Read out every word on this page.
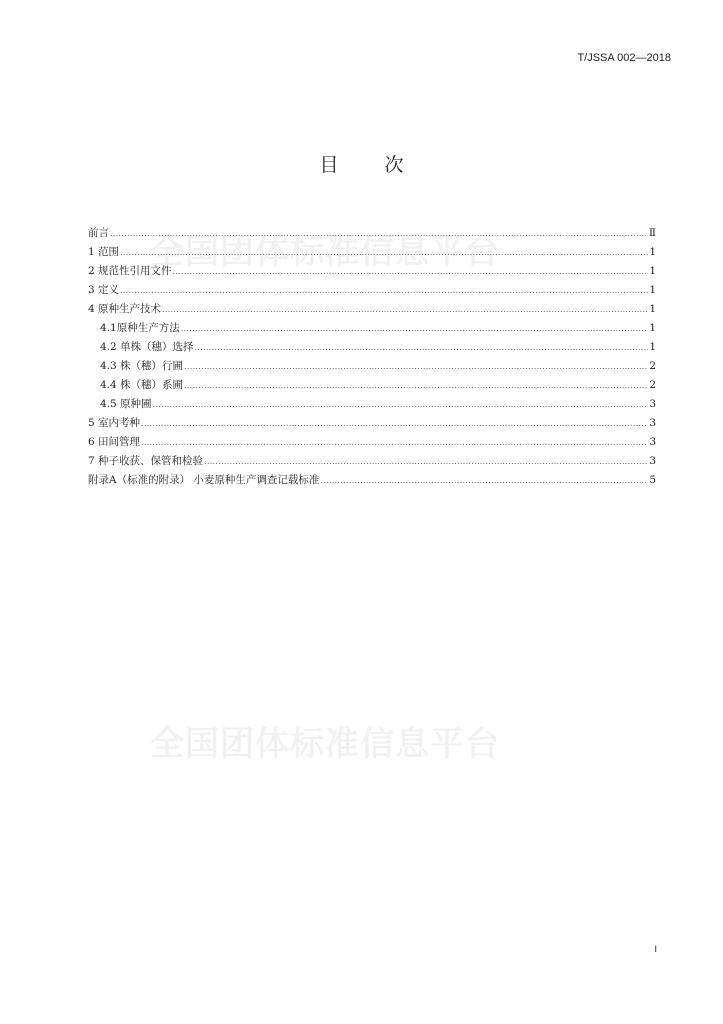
T/JSSA 002—2018
目 次
全国团体标准信息平台
全国团体标准信息平台
前言 .....	Ⅱ
1 范围 .....	1
2 规范性引用文件 .....	1
3 定义 .....	1
4 原种生产技术 .....	1
4.1原种生产方法 .....	1
4.2 单株（穗）选择 .....	1
4.3 株（穗）行圃 .....	2
4.4 株（穗）系圃 .....	2
4.5 原种圃 .....	3
5 室内考种 .....	3
6 田间管理 .....	3
7 种子收获、保管和检验 .....	3
附录A（标准的附录） 小麦原种生产调查记载标准 .....	5
I
